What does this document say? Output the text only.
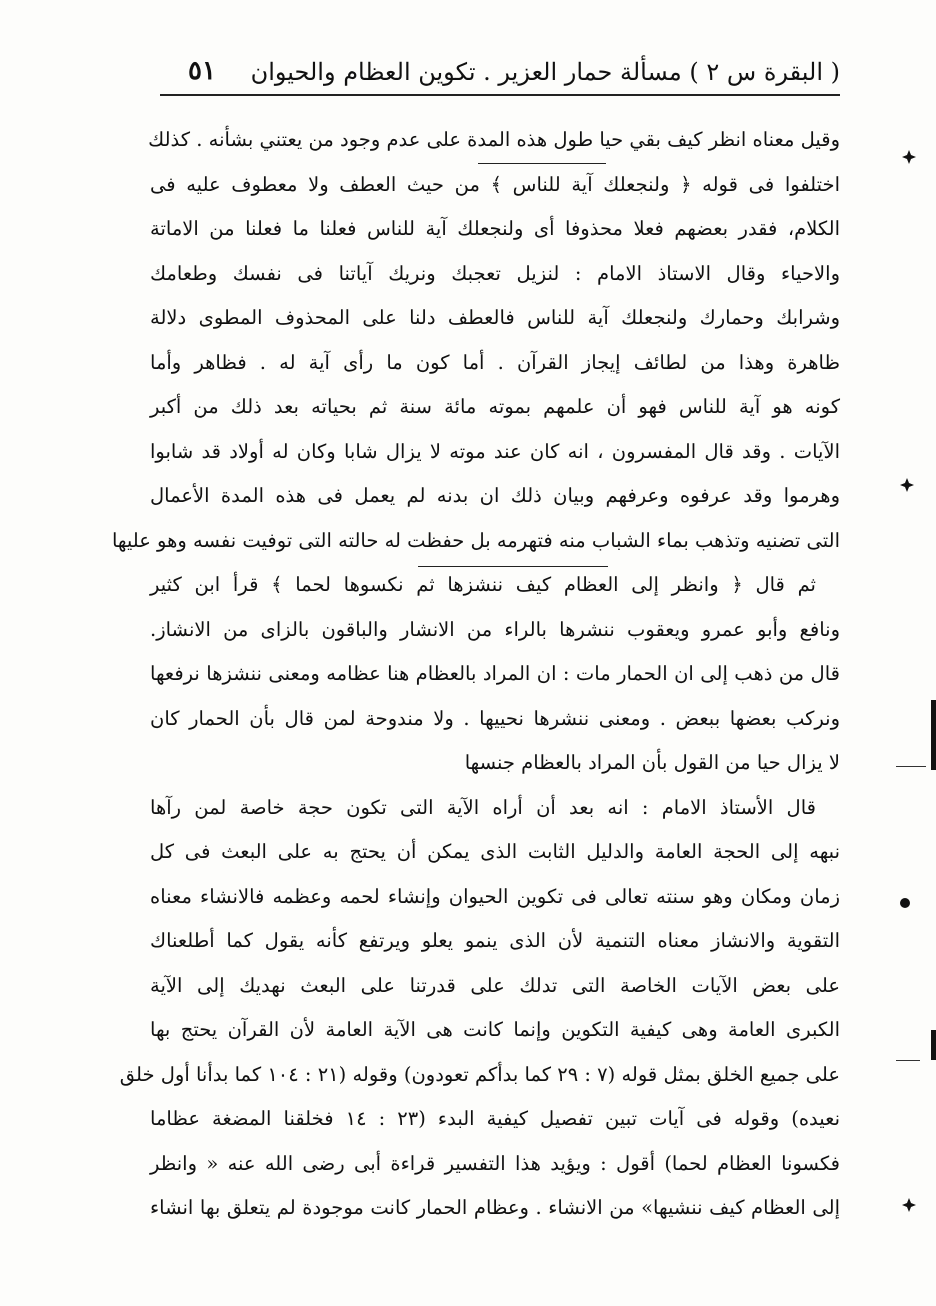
( البقرة س ٢ ) مسألة حمار العزير . تكوين العظام والحيوان
٥١
وقيل معناه انظر كيف بقي حيا طول هذه المدة على عدم وجود من يعتني بشأنه . كذلك
اختلفوا فى قوله ﴿ ولنجعلك آية للناس ﴾ من حيث العطف ولا معطوف عليه فى
الكلام، فقدر بعضهم فعلا محذوفا أى ولنجعلك آية للناس فعلنا ما فعلنا من الاماتة
والاحياء وقال الاستاذ الامام : لنزيل تعجبك ونريك آياتنا فى نفسك وطعامك
وشرابك وحمارك ولنجعلك آية للناس فالعطف دلنا على المحذوف المطوى دلالة
ظاهرة وهذا من لطائف إيجاز القرآن . أما كون ما رأى آية له . فظاهر وأما
كونه هو آية للناس فهو أن علمهم بموته مائة سنة ثم بحياته بعد ذلك من أكبر
الآيات . وقد قال المفسرون ، انه كان عند موته لا يزال شابا وكان له أولاد قد شابوا
وهرموا وقد عرفوه وعرفهم وبيان ذلك ان بدنه لم يعمل فى هذه المدة الأعمال
التى تضنيه وتذهب بماء الشباب منه فتهرمه بل حفظت له حالته التى توفيت نفسه وهو عليها
ثم قال ﴿ وانظر إلى العظام كيف ننشزها ثم نكسوها لحما ﴾ قرأ ابن كثير
ونافع وأبو عمرو ويعقوب ننشرها بالراء من الانشار والباقون بالزاى من الانشاز.
قال من ذهب إلى ان الحمار مات : ان المراد بالعظام هنا عظامه ومعنى ننشزها نرفعها
ونركب بعضها ببعض . ومعنى ننشرها نحييها . ولا مندوحة لمن قال بأن الحمار كان
لا يزال حيا من القول بأن المراد بالعظام جنسها
قال الأستاذ الامام : انه بعد أن أراه الآية التى تكون حجة خاصة لمن رآها
نبهه إلى الحجة العامة والدليل الثابت الذى يمكن أن يحتج به على البعث فى كل
زمان ومكان وهو سنته تعالى فى تكوين الحيوان وإنشاء لحمه وعظمه فالانشاء معناه
التقوية والانشاز معناه التنمية لأن الذى ينمو يعلو ويرتفع كأنه يقول كما أطلعناك
على بعض الآيات الخاصة التى تدلك على قدرتنا على البعث نهديك إلى الآية
الكبرى العامة وهى كيفية التكوين وإنما كانت هى الآية العامة لأن القرآن يحتج بها
على جميع الخلق بمثل قوله (٧ : ٢٩ كما بدأكم تعودون) وقوله (٢١ : ١٠٤ كما بدأنا أول خلق
نعيده) وقوله فى آيات تبين تفصيل كيفية البدء (٢٣ : ١٤ فخلقنا المضغة عظاما
فكسونا العظام لحما) أقول : ويؤيد هذا التفسير قراءة أبى رضى الله عنه « وانظر
إلى العظام كيف ننشيها» من الانشاء . وعظام الحمار كانت موجودة لم يتعلق بها انشاء
